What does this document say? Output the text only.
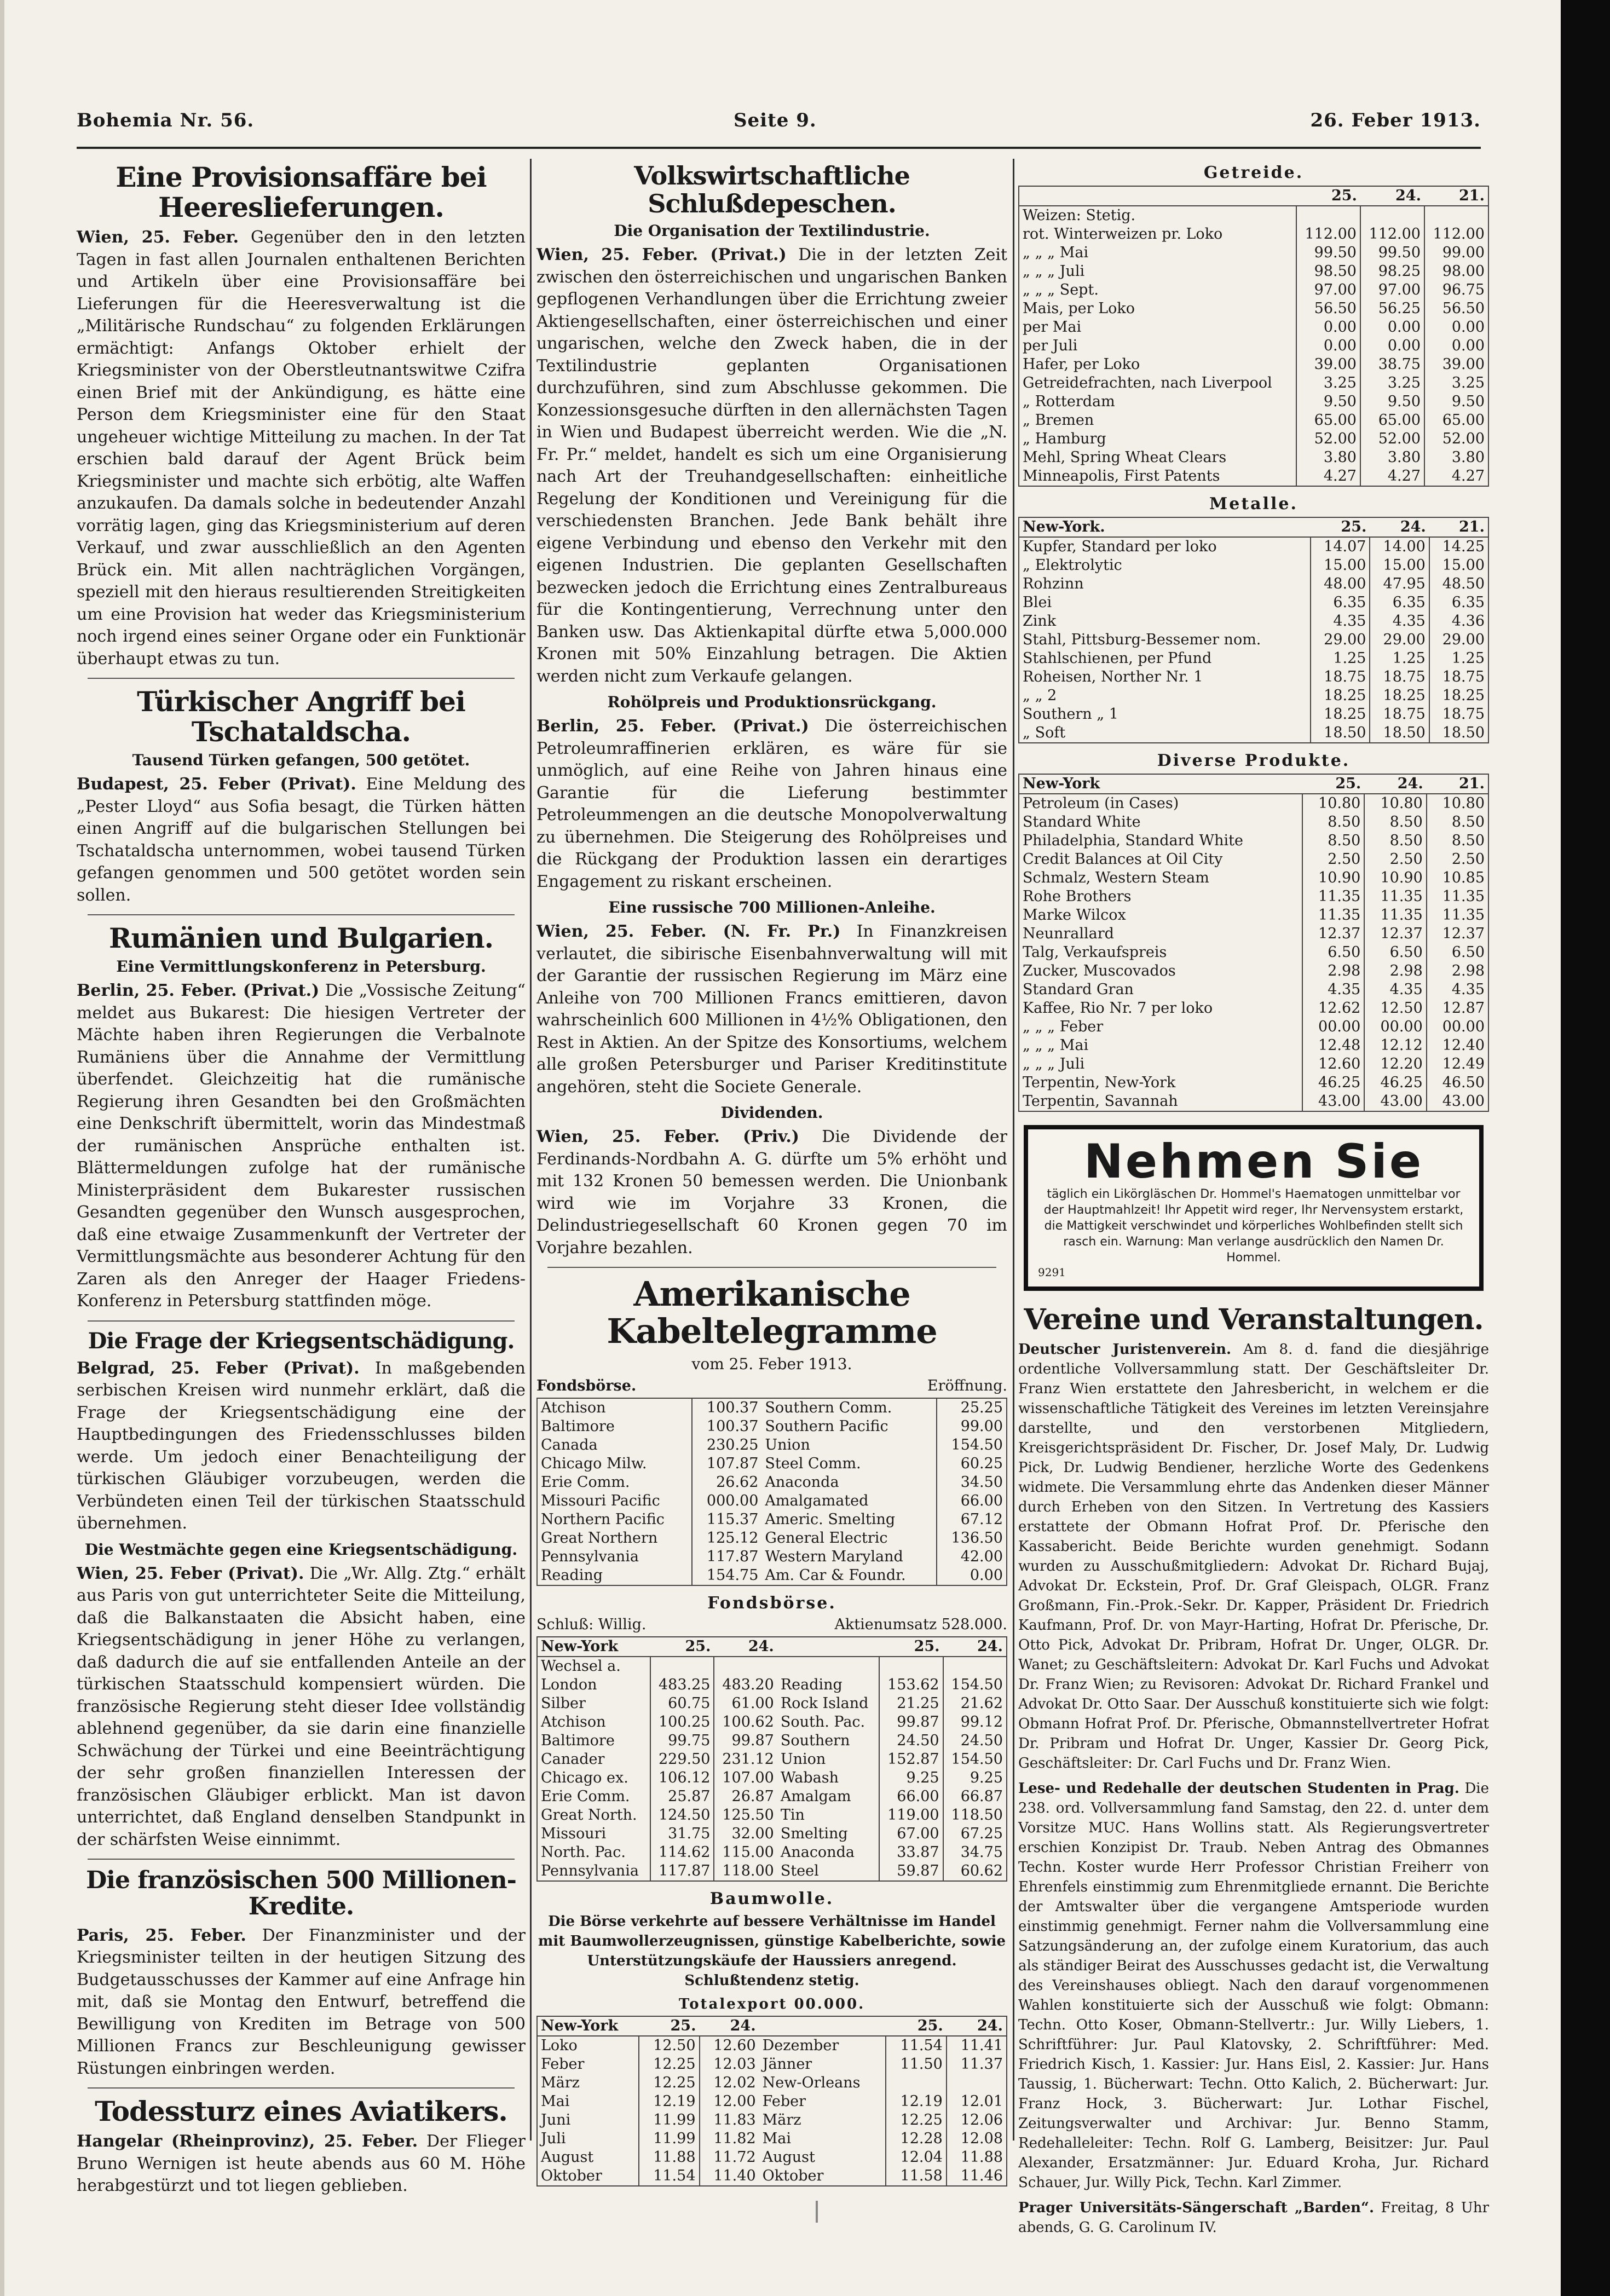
Bohemia Nr. 56.	Seite 9.	26. Feber 1913.
Eine Provisionsaffäre bei Heereslieferungen.

Wien, 25. Feber. Gegenüber den in den letzten Tagen in fast allen Journalen enthaltenen Berichten und Artikeln über eine Provisionsaffäre bei Lieferungen für die Heeresverwaltung ist die „Militärische Rundschau“ zu folgenden Erklärungen ermächtigt: Anfangs Oktober erhielt der Kriegsminister von der Oberstleutnantswitwe Czifra einen Brief mit der Ankündigung, es hätte eine Person dem Kriegsminister eine für den Staat ungeheuer wichtige Mitteilung zu machen. In der Tat erschien bald darauf der Agent Brück beim Kriegsminister und machte sich erbötig, alte Waffen anzukaufen. Da damals solche in bedeutender Anzahl vorrätig lagen, ging das Kriegsministerium auf deren Verkauf, und zwar ausschließlich an den Agenten Brück ein. Mit allen nachträglichen Vorgängen, speziell mit den hieraus resultierenden Streitigkeiten um eine Provision hat weder das Kriegsministerium noch irgend eines seiner Organe oder ein Funktionär überhaupt etwas zu tun.

Türkischer Angriff bei Tschataldscha.
Tausend Türken gefangen, 500 getötet.

Budapest, 25. Feber (Privat). Eine Meldung des „Pester Lloyd“ aus Sofia besagt, die Türken hätten einen Angriff auf die bulgarischen Stellungen bei Tschataldscha unternommen, wobei tausend Türken gefangen genommen und 500 getötet worden sein sollen.

Rumänien und Bulgarien.
Eine Vermittlungskonferenz in Petersburg.

Berlin, 25. Feber. (Privat.) Die „Vossische Zeitung“ meldet aus Bukarest: Die hiesigen Vertreter der Mächte haben ihren Regierungen die Verbalnote Rumäniens über die Annahme der Vermittlung überfendet. Gleichzeitig hat die rumänische Regierung ihren Gesandten bei den Großmächten eine Denkschrift übermittelt, worin das Mindestmaß der rumänischen Ansprüche enthalten ist. Blättermeldungen zufolge hat der rumänische Ministerpräsident dem Bukarester russischen Gesandten gegenüber den Wunsch ausgesprochen, daß eine etwaige Zusammenkunft der Vertreter der Vermittlungsmächte aus besonderer Achtung für den Zaren als den Anreger der Haager Friedens-Konferenz in Petersburg stattfinden möge.

Die Frage der Kriegsentschädigung.

Belgrad, 25. Feber (Privat). In maßgebenden serbischen Kreisen wird nunmehr erklärt, daß die Frage der Kriegsentschädigung eine der Hauptbedingungen des Friedensschlusses bilden werde. Um jedoch einer Benachteiligung der türkischen Gläubiger vorzubeugen, werden die Verbündeten einen Teil der türkischen Staatsschuld übernehmen.

Die Westmächte gegen eine Kriegsentschädigung.

Wien, 25. Feber (Privat). Die „Wr. Allg. Ztg.“ erhält aus Paris von gut unterrichteter Seite die Mitteilung, daß die Balkanstaaten die Absicht haben, eine Kriegsentschädigung in jener Höhe zu verlangen, daß dadurch die auf sie entfallenden Anteile an der türkischen Staatsschuld kompensiert würden. Die französische Regierung steht dieser Idee vollständig ablehnend gegenüber, da sie darin eine finanzielle Schwächung der Türkei und eine Beeinträchtigung der sehr großen finanziellen Interessen der französischen Gläubiger erblickt. Man ist davon unterrichtet, daß England denselben Standpunkt in der schärfsten Weise einnimmt.

Die französischen 500 Millionen-Kredite.

Paris, 25. Feber. Der Finanzminister und der Kriegsminister teilten in der heutigen Sitzung des Budgetausschusses der Kammer auf eine Anfrage hin mit, daß sie Montag den Entwurf, betreffend die Bewilligung von Krediten im Betrage von 500 Millionen Francs zur Beschleunigung gewisser Rüstungen einbringen werden.

Todessturz eines Aviatikers.

Hangelar (Rheinprovinz), 25. Feber. Der Flieger Bruno Wernigen ist heute abends aus 60 M. Höhe herabgestürzt und tot liegen geblieben.

Volkswirtschaftliche Schlußdepeschen.
Die Organisation der Textilindustrie.

Wien, 25. Feber. (Privat.) Die in der letzten Zeit zwischen den österreichischen und ungarischen Banken gepflogenen Verhandlungen über die Errichtung zweier Aktiengesellschaften, einer österreichischen und einer ungarischen, welche den Zweck haben, die in der Textilindustrie geplanten Organisationen durchzuführen, sind zum Abschlusse gekommen. Die Konzessionsgesuche dürften in den allernächsten Tagen in Wien und Budapest überreicht werden. Wie die „N. Fr. Pr.“ meldet, handelt es sich um eine Organisierung nach Art der Treuhandgesellschaften: einheitliche Regelung der Konditionen und Vereinigung für die verschiedensten Branchen. Jede Bank behält ihre eigene Verbindung und ebenso den Verkehr mit den eigenen Industrien. Die geplanten Gesellschaften bezwecken jedoch die Errichtung eines Zentralbureaus für die Kontingentierung, Verrechnung unter den Banken usw. Das Aktienkapital dürfte etwa 5,000.000 Kronen mit 50% Einzahlung betragen. Die Aktien werden nicht zum Verkaufe gelangen.

Rohölpreis und Produktionsrückgang.

Berlin, 25. Feber. (Privat.) Die österreichischen Petroleumraffinerien erklären, es wäre für sie unmöglich, auf eine Reihe von Jahren hinaus eine Garantie für die Lieferung bestimmter Petroleummengen an die deutsche Monopolverwaltung zu übernehmen. Die Steigerung des Rohölpreises und die Rückgang der Produktion lassen ein derartiges Engagement zu riskant erscheinen.

Eine russische 700 Millionen-Anleihe.

Wien, 25. Feber. (N. Fr. Pr.) In Finanzkreisen verlautet, die sibirische Eisenbahnverwaltung will mit der Garantie der russischen Regierung im März eine Anleihe von 700 Millionen Francs emittieren, davon wahrscheinlich 600 Millionen in 4½% Obligationen, den Rest in Aktien. An der Spitze des Konsortiums, welchem alle großen Petersburger und Pariser Kreditinstitute angehören, steht die Societe Generale.

Dividenden.

Wien, 25. Feber. (Priv.) Die Dividende der Ferdinands-Nordbahn A. G. dürfte um 5% erhöht und mit 132 Kronen 50 bemessen werden. Die Unionbank wird wie im Vorjahre 33 Kronen, die Delindustriegesellschaft 60 Kronen gegen 70 im Vorjahre bezahlen.

Amerikanische Kabeltelegramme
vom 25. Feber 1913.
Fondsbörse.	Eröffnung.
Atchison	100.37	Southern Comm.	25.25
Baltimore	100.37	Southern Pacific	99.00
Canada	230.25	Union	154.50
Chicago Milw.	107.87	Steel Comm.	60.25
Erie Comm.	26.62	Anaconda	34.50
Missouri Pacific	000.00	Amalgamated	66.00
Northern Pacific	115.37	Americ. Smelting	67.12
Great Northern	125.12	General Electric	136.50
Pennsylvania	117.87	Western Maryland	42.00
Reading	154.75	Am. Car & Foundr.	0.00
Fondsbörse.
Schluß: Willig.	Aktienumsatz 528.000.
New-York	25.	24.		25.	24.
Wechsel a.					
London	483.25	483.20	Reading	153.62	154.50
Silber	60.75	61.00	Rock Island	21.25	21.62
Atchison	100.25	100.62	South. Pac.	99.87	99.12
Baltimore	99.75	99.87	Southern	24.50	24.50
Canader	229.50	231.12	Union	152.87	154.50
Chicago ex.	106.12	107.00	Wabash	9.25	9.25
Erie Comm.	25.87	26.87	Amalgam	66.00	66.87
Great North.	124.50	125.50	Tin	119.00	118.50
Missouri	31.75	32.00	Smelting	67.00	67.25
North. Pac.	114.62	115.00	Anaconda	33.87	34.75
Pennsylvania	117.87	118.00	Steel	59.87	60.62
Baumwolle.

Die Börse verkehrte auf bessere Verhältnisse im Handel mit Baumwollerzeugnissen, günstige Kabelberichte, sowie Unterstützungskäufe der Haussiers anregend. Schlußtendenz stetig.

Totalexport 00.000.
New-York	25.	24.		25.	24.
Loko	12.50	12.60	Dezember	11.54	11.41
Feber	12.25	12.03	Jänner	11.50	11.37
März	12.25	12.02	New-Orleans		
Mai	12.19	12.00	Feber	12.19	12.01
Juni	11.99	11.83	März	12.25	12.06
Juli	11.99	11.82	Mai	12.28	12.08
August	11.88	11.72	August	12.04	11.88
Oktober	11.54	11.40	Oktober	11.58	11.46
Getreide.
	25.	24.	21.
Weizen: Stetig.			
rot. Winterweizen pr. Loko	112.00	112.00	112.00
„ „ „ Mai	99.50	99.50	99.00
„ „ „ Juli	98.50	98.25	98.00
„ „ „ Sept.	97.00	97.00	96.75
Mais, per Loko	56.50	56.25	56.50
per Mai	0.00	0.00	0.00
per Juli	0.00	0.00	0.00
Hafer, per Loko	39.00	38.75	39.00
Getreidefrachten, nach Liverpool	3.25	3.25	3.25
„ Rotterdam	9.50	9.50	9.50
„ Bremen	65.00	65.00	65.00
„ Hamburg	52.00	52.00	52.00
Mehl, Spring Wheat Clears	3.80	3.80	3.80
Minneapolis, First Patents	4.27	4.27	4.27
Metalle.
New-York.	25.	24.	21.
Kupfer, Standard per loko	14.07	14.00	14.25
„ Elektrolytic	15.00	15.00	15.00
Rohzinn	48.00	47.95	48.50
Blei	6.35	6.35	6.35
Zink	4.35	4.35	4.36
Stahl, Pittsburg-Bessemer nom.	29.00	29.00	29.00
Stahlschienen, per Pfund	1.25	1.25	1.25
Roheisen, Norther Nr. 1	18.75	18.75	18.75
„ „ 2	18.25	18.25	18.25
Southern „ 1	18.25	18.75	18.75
„ Soft	18.50	18.50	18.50
Diverse Produkte.
New-York	25.	24.	21.
Petroleum (in Cases)	10.80	10.80	10.80
Standard White	8.50	8.50	8.50
Philadelphia, Standard White	8.50	8.50	8.50
Credit Balances at Oil City	2.50	2.50	2.50
Schmalz, Western Steam	10.90	10.90	10.85
Rohe Brothers	11.35	11.35	11.35
Marke Wilcox	11.35	11.35	11.35
Neunrallard	12.37	12.37	12.37
Talg, Verkaufspreis	6.50	6.50	6.50
Zucker, Muscovados	2.98	2.98	2.98
Standard Gran	4.35	4.35	4.35
Kaffee, Rio Nr. 7 per loko	12.62	12.50	12.87
„ „ „ Feber	00.00	00.00	00.00
„ „ „ Mai	12.48	12.12	12.40
„ „ „ Juli	12.60	12.20	12.49
Terpentin, New-York	46.25	46.25	46.50
Terpentin, Savannah	43.00	43.00	43.00
Nehmen Sie
täglich ein Likörgläschen Dr. Hommel's Haematogen unmittelbar vor der Hauptmahlzeit! Ihr Appetit wird reger, Ihr Nervensystem erstarkt, die Mattigkeit verschwindet und körperliches Wohlbefinden stellt sich rasch ein. Warnung: Man verlange ausdrücklich den Namen Dr. Hommel.
9291
Vereine und Veranstaltungen.

Deutscher Juristenverein. Am 8. d. fand die diesjährige ordentliche Vollversammlung statt. Der Geschäftsleiter Dr. Franz Wien erstattete den Jahresbericht, in welchem er die wissenschaftliche Tätigkeit des Vereines im letzten Vereinsjahre darstellte, und den verstorbenen Mitgliedern, Kreisgerichtspräsident Dr. Fischer, Dr. Josef Maly, Dr. Ludwig Pick, Dr. Ludwig Bendiener, herzliche Worte des Gedenkens widmete. Die Versammlung ehrte das Andenken dieser Männer durch Erheben von den Sitzen. In Vertretung des Kassiers erstattete der Obmann Hofrat Prof. Dr. Pferische den Kassabericht. Beide Berichte wurden genehmigt. Sodann wurden zu Ausschußmitgliedern: Advokat Dr. Richard Bujaj, Advokat Dr. Eckstein, Prof. Dr. Graf Gleispach, OLGR. Franz Großmann, Fin.-Prok.-Sekr. Dr. Kapper, Präsident Dr. Friedrich Kaufmann, Prof. Dr. von Mayr-Harting, Hofrat Dr. Pferische, Dr. Otto Pick, Advokat Dr. Pribram, Hofrat Dr. Unger, OLGR. Dr. Wanet; zu Geschäftsleitern: Advokat Dr. Karl Fuchs und Advokat Dr. Franz Wien; zu Revisoren: Advokat Dr. Richard Frankel und Advokat Dr. Otto Saar. Der Ausschuß konstituierte sich wie folgt: Obmann Hofrat Prof. Dr. Pferische, Obmannstellvertreter Hofrat Dr. Pribram und Hofrat Dr. Unger, Kassier Dr. Georg Pick, Geschäftsleiter: Dr. Carl Fuchs und Dr. Franz Wien.

Lese- und Redehalle der deutschen Studenten in Prag. Die 238. ord. Vollversammlung fand Samstag, den 22. d. unter dem Vorsitze MUC. Hans Wollins statt. Als Regierungsvertreter erschien Konzipist Dr. Traub. Neben Antrag des Obmannes Techn. Koster wurde Herr Professor Christian Freiherr von Ehrenfels einstimmig zum Ehrenmitgliede ernannt. Die Berichte der Amtswalter über die vergangene Amtsperiode wurden einstimmig genehmigt. Ferner nahm die Vollversammlung eine Satzungsänderung an, der zufolge einem Kuratorium, das auch als ständiger Beirat des Ausschusses gedacht ist, die Verwaltung des Vereinshauses obliegt. Nach den darauf vorgenommenen Wahlen konstituierte sich der Ausschuß wie folgt: Obmann: Techn. Otto Koser, Obmann-Stellvertr.: Jur. Willy Liebers, 1. Schriftführer: Jur. Paul Klatovsky, 2. Schriftführer: Med. Friedrich Kisch, 1. Kassier: Jur. Hans Eisl, 2. Kassier: Jur. Hans Taussig, 1. Bücherwart: Techn. Otto Kalich, 2. Bücherwart: Jur. Franz Hock, 3. Bücherwart: Jur. Lothar Fischel, Zeitungsverwalter und Archivar: Jur. Benno Stamm, Redehalleleiter: Techn. Rolf G. Lamberg, Beisitzer: Jur. Paul Alexander, Ersatzmänner: Jur. Eduard Kroha, Jur. Richard Schauer, Jur. Willy Pick, Techn. Karl Zimmer.

Prager Universitäts-Sängerschaft „Barden“. Freitag, 8 Uhr abends, G. G. Carolinum IV.
